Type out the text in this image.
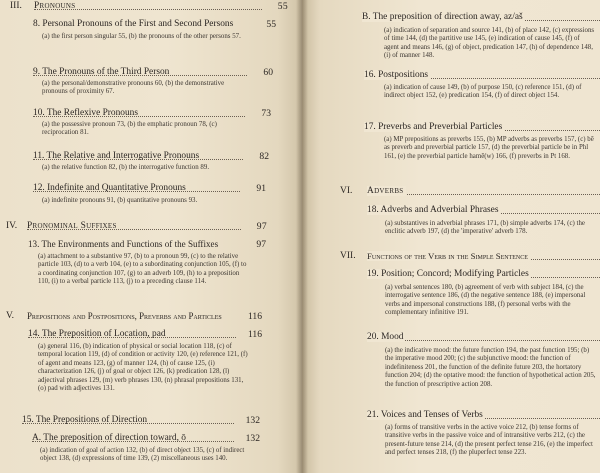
III. Pronouns	55
8. Personal Pronouns of the First and Second Persons	55
(a) the first person singular 55, (b) the pronouns of the other persons 57.
9. The Pronouns of the Third Person	60
(a) the personal/demonstrative pronouns 60, (b) the demonstrative pronouns of proximity 67.
10. The Reflexive Pronouns	73
(a) the possessive pronoun 73, (b) the emphatic pronoun 78, (c) reciprocation 81.
11. The Relative and Interrogative Pronouns	82
(a) the relative function 82, (b) the interrogative function 89.
12. Indefinite and Quantitative Pronouns	91
(a) indefinite pronouns 91, (b) quantitative pronouns 93.
IV. Pronominal Suffixes	97
13. The Environments and Functions of the Suffixes	97
(a) attachment to a substantive 97, (b) to a pronoun 99, (c) to the relative particle 103, (d) to a verb 104, (e) to a subordinating conjunction 105, (f) to a coordinating conjunction 107, (g) to an adverb 109, (h) to a preposition 110, (i) to a verbal particle 113, (j) to a preceding clause 114.
V. Prepositions and Postpositions, Preverbs and Particles	116
14. The Preposition of Location, pad	116
(a) general 116, (b) indication of physical or social location 118, (c) of temporal location 119, (d) of condition or activity 120, (e) reference 121, (f) of agent and means 123, (g) of manner 124, (h) of cause 125, (i) characterization 126, (j) of goal or object 126, (k) predication 128, (l) adjectival phrases 129, (m) verb phrases 130, (n) phrasal prepositions 131, (o) pad with adjectives 131.
15. The Prepositions of Direction	132
A. The preposition of direction toward, ō	132
(a) indication of goal of action 132, (b) of direct object 135, (c) of indirect object 138, (d) expressions of time 139, (2) miscellaneous uses 140.
B. The preposition of direction away, az/aš
(a) indication of separation and source 141, (b) of place 142, (c) expressions of time 144, (d) the partitive use 145, (e) indication of cause 145, (f) of agent and means 146, (g) of object, predication 147, (h) of dependence 148, (i) of manner 148.
16. Postpositions
(a) indication of cause 149, (b) of purpose 150, (c) reference 151, (d) of indirect object 152, (e) predication 154, (f) of direct object 154.
17. Preverbs and Preverbial Particles
(a) MP prepositions as preverbs 155, (b) MP adverbs as preverbs 157, (c) bē as preverb and preverbial particle 157, (d) the preverbial particle be in Phl 161, (e) the preverbial particle hamē(w) 166, (f) preverbs in Pt 168.
VI. Adverbs
18. Adverbs and Adverbial Phrases
(a) substantives in adverbial phrases 171, (b) simple adverbs 174, (c) the enclitic adverb 197, (d) the 'imperative' adverb 178.
VII. Functions of the Verb in the Simple Sentence
19. Position; Concord; Modifying Particles
(a) verbal sentences 180, (b) agreement of verb with subject 184, (c) the interrogative sentence 186, (d) the negative sentence 188, (e) impersonal verbs and impersonal constructions 188, (f) personal verbs with the complementary infinitive 191.
20. Mood
(a) the indicative mood: the future function 194, the past function 195; (b) the imperative mood 200; (c) the subjunctive mood: the function of indefiniteness 201, the function of the definite future 203, the hortatory function 204; (d) the optative mood: the function of hypothetical action 205, the function of prescriptive action 208.
21. Voices and Tenses of Verbs
(a) forms of transitive verbs in the active voice 212, (b) tense forms of transitive verbs in the passive voice and of intransitive verbs 212, (c) the present-future tense 214, (d) the present perfect tense 216, (e) the imperfect and perfect tenses 218, (f) the pluperfect tense 223.
